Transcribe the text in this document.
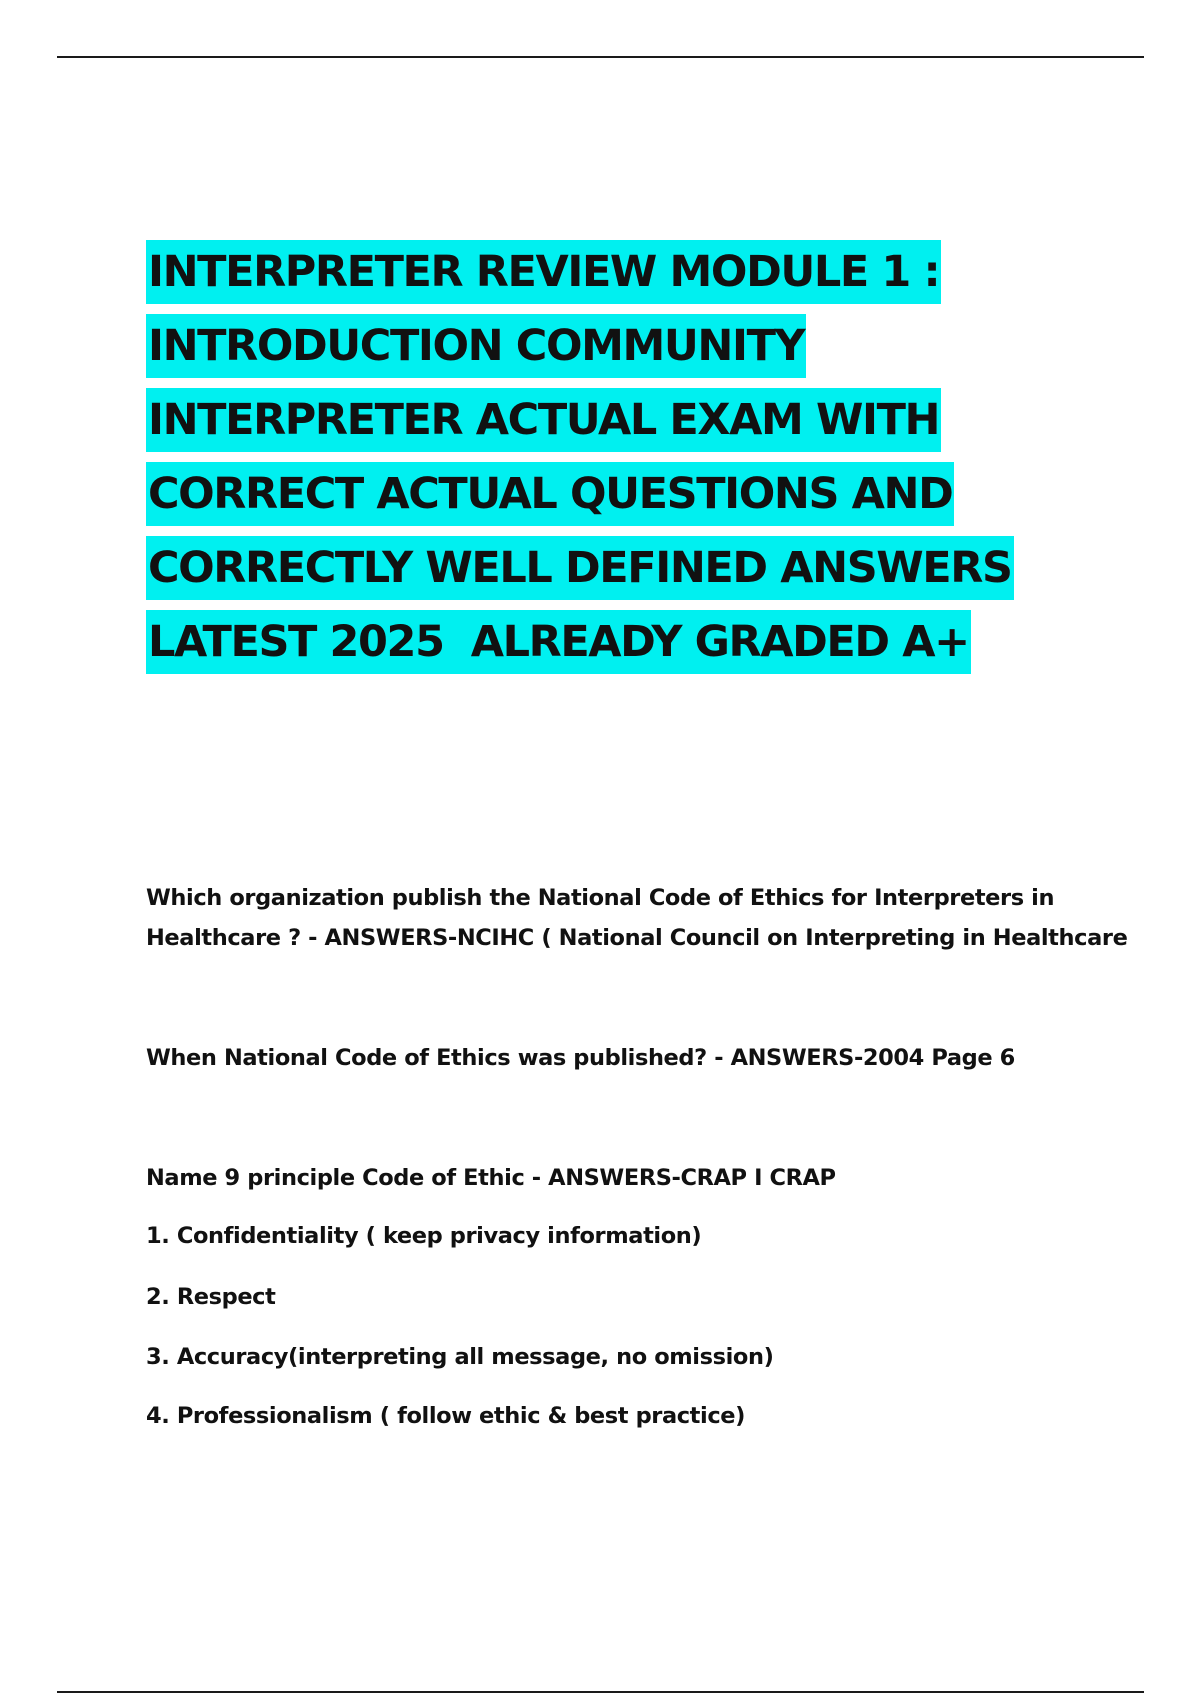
INTERPRETER REVIEW MODULE 1 :
INTRODUCTION COMMUNITY
INTERPRETER ACTUAL EXAM WITH
CORRECT ACTUAL QUESTIONS AND
CORRECTLY WELL DEFINED ANSWERS
LATEST 2025  ALREADY GRADED A+
Which organization publish the National Code of Ethics for Interpreters in
Healthcare ? - ANSWERS-NCIHC ( National Council on Interpreting in Healthcare
When National Code of Ethics was published? - ANSWERS-2004 Page 6
Name 9 principle Code of Ethic - ANSWERS-CRAP I CRAP
1. Confidentiality ( keep privacy information)
2. Respect
3. Accuracy(interpreting all message, no omission)
4. Professionalism ( follow ethic & best practice)
